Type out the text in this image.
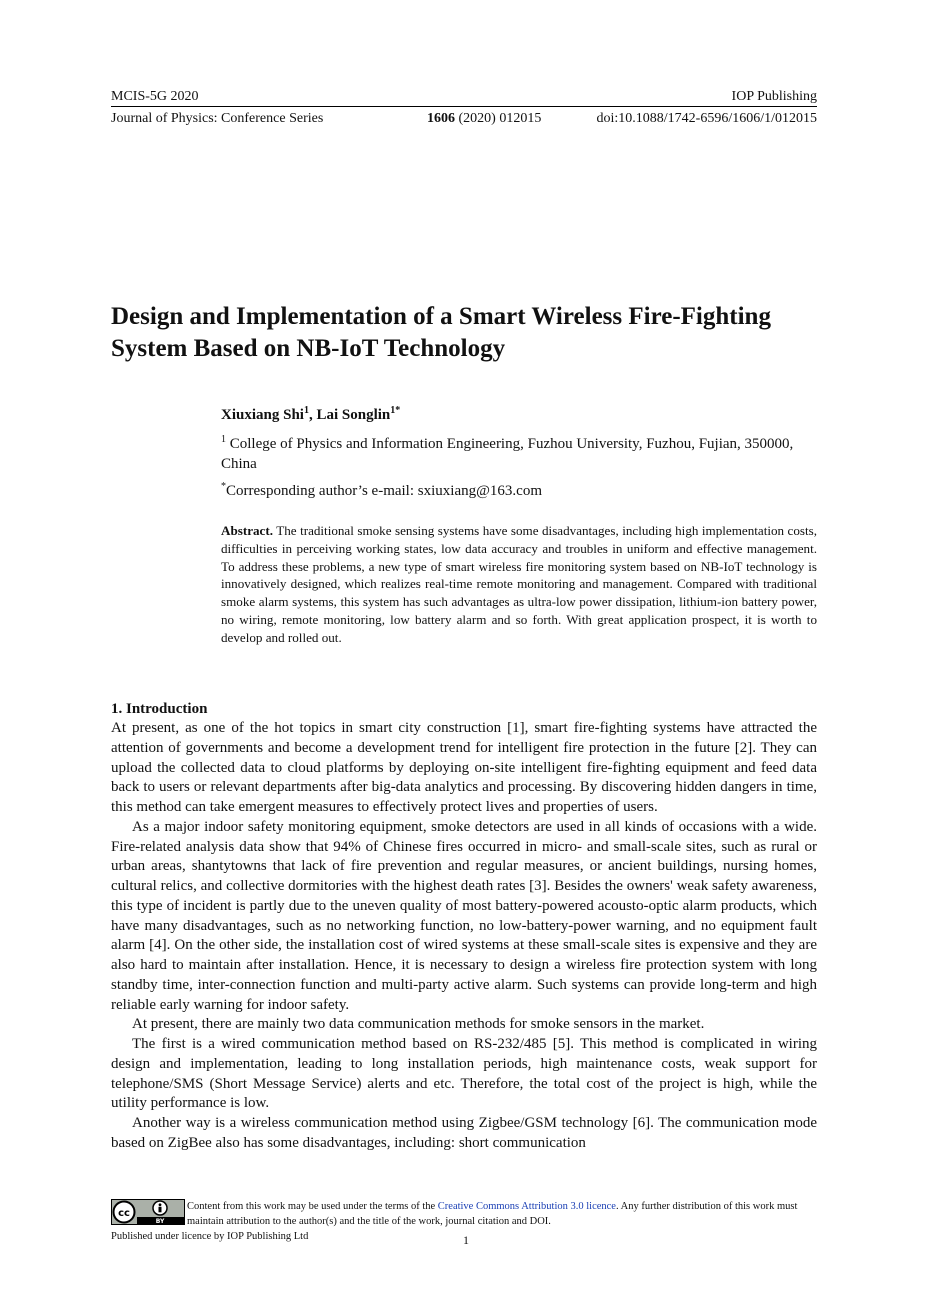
MCIS-5G 2020	IOP Publishing
Journal of Physics: Conference Series	1606 (2020) 012015	doi:10.1088/1742-6596/1606/1/012015
Design and Implementation of a Smart Wireless Fire-Fighting
System Based on NB-IoT Technology
Xiuxiang Shi$^1$, Lai Songlin$^{1*}$
$^1$ College of Physics and Information Engineering, Fuzhou University, Fuzhou, Fujian, 350000, China
*Corresponding author’s e-mail: sxiuxiang@163.com

Abstract. The traditional smoke sensing systems have some disadvantages, including high implementation costs, difficulties in perceiving working states, low data accuracy and troubles in uniform and effective management. To address these problems, a new type of smart wireless fire monitoring system based on NB-IoT technology is innovatively designed, which realizes real-time remote monitoring and management. Compared with traditional smoke alarm systems, this system has such advantages as ultra-low power dissipation, lithium-ion battery power, no wiring, remote monitoring, low battery alarm and so forth. With great application prospect, it is worth to develop and rolled out.

1. Introduction

At present, as one of the hot topics in smart city construction [1], smart fire-fighting systems have attracted the attention of governments and become a development trend for intelligent fire protection in the future [2]. They can upload the collected data to cloud platforms by deploying on-site intelligent fire-fighting equipment and feed data back to users or relevant departments after big-data analytics and processing. By discovering hidden dangers in time, this method can take emergent measures to effectively protect lives and properties of users.

As a major indoor safety monitoring equipment, smoke detectors are used in all kinds of occasions with a wide. Fire-related analysis data show that 94% of Chinese fires occurred in micro- and small-scale sites, such as rural or urban areas, shantytowns that lack of fire prevention and regular measures, or ancient buildings, nursing homes, cultural relics, and collective dormitories with the highest death rates [3]. Besides the owners' weak safety awareness, this type of incident is partly due to the uneven quality of most battery-powered acousto-optic alarm products, which have many disadvantages, such as no networking function, no low-battery-power warning, and no equipment fault alarm [4]. On the other side, the installation cost of wired systems at these small-scale sites is expensive and they are also hard to maintain after installation. Hence, it is necessary to design a wireless fire protection system with long standby time, inter-connection function and multi-party active alarm. Such systems can provide long-term and high reliable early warning for indoor safety.

At present, there are mainly two data communication methods for smoke sensors in the market.

The first is a wired communication method based on RS-232/485 [5]. This method is complicated in wiring design and implementation, leading to long installation periods, high maintenance costs, weak support for telephone/SMS (Short Message Service) alerts and etc. Therefore, the total cost of the project is high, while the utility performance is low.

Another way is a wireless communication method using Zigbee/GSM technology [6]. The communication mode based on ZigBee also has some disadvantages, including: short communication

cc
BY
Content from this work may be used under the terms of the Creative Commons Attribution 3.0 licence. Any further distribution of this work must maintain attribution to the author(s) and the title of the work, journal citation and DOI.
Published under licence by IOP Publishing Ltd	1
